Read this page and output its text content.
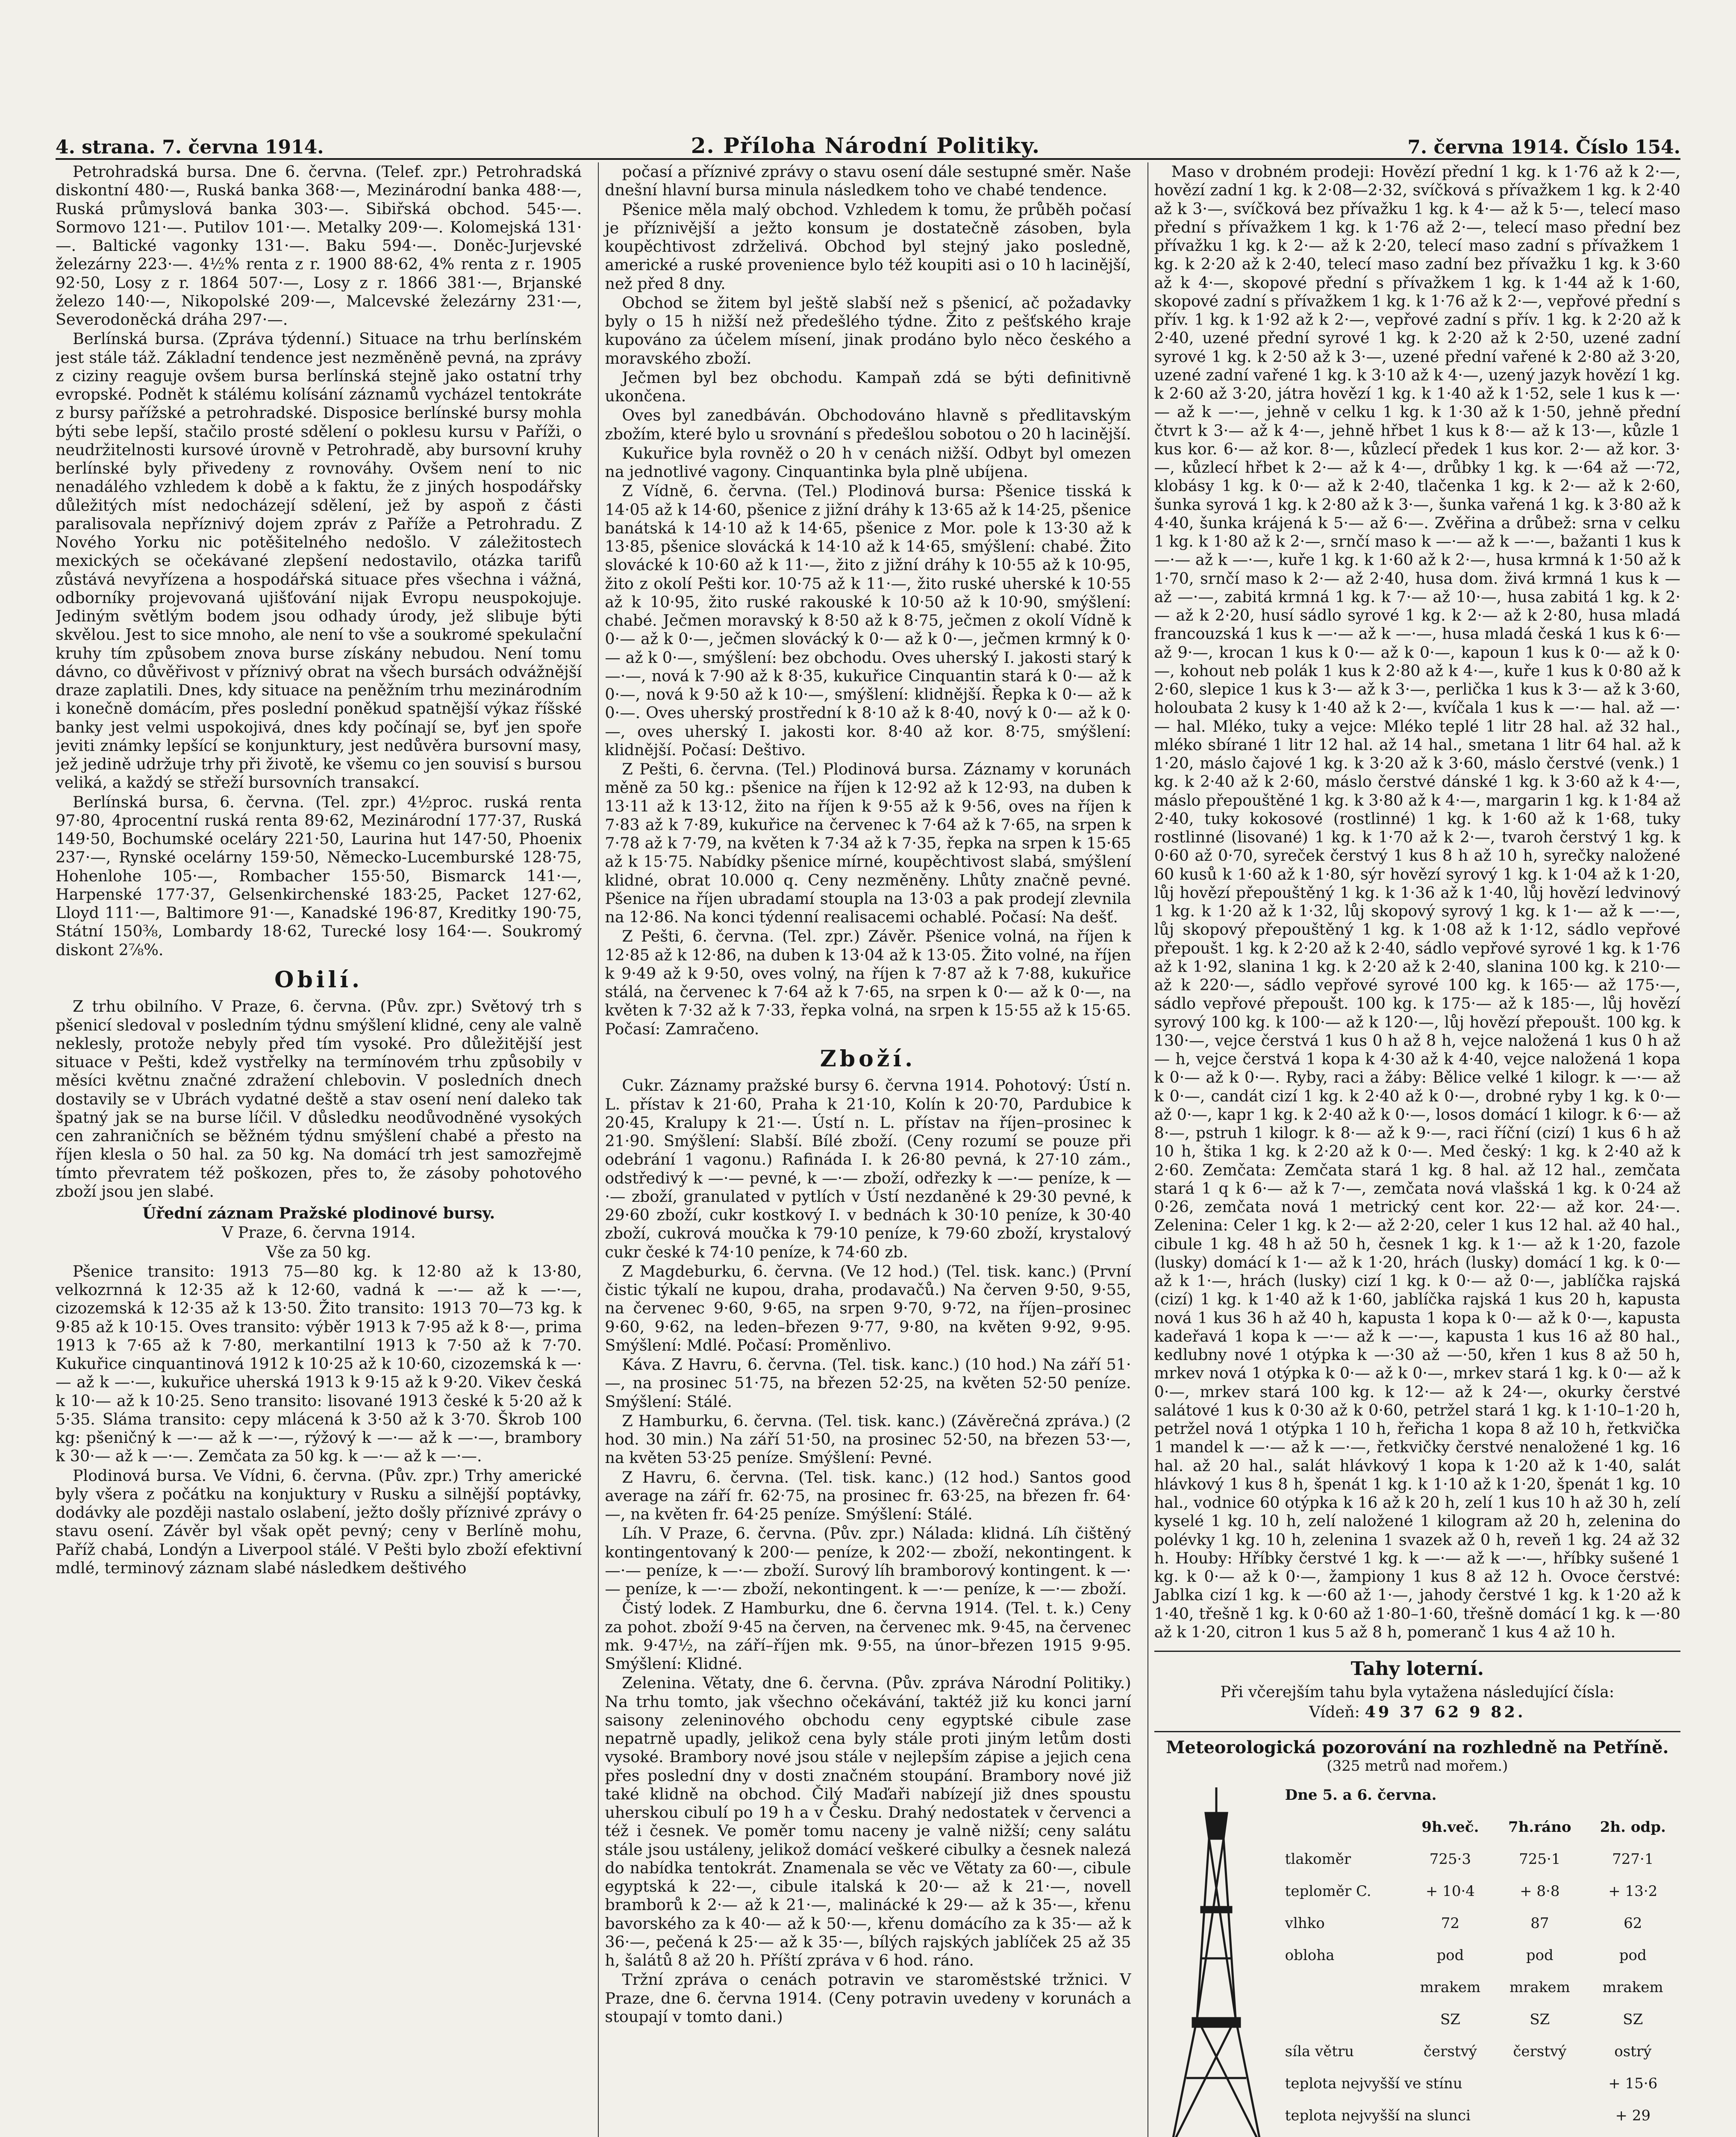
4. strana. 7. června 1914.	2. Příloha Národní Politiky.	7. června 1914. Číslo 154.

Petrohradská bursa. Dne 6. června. (Telef. zpr.) Petrohradská diskontní 480·—, Ruská banka 368·—, Mezinárodní banka 488·—, Ruská průmyslová banka 303·—. Sibiřská obchod. 545·—. Sormovo 121·—. Putilov 101·—. Metalky 209·—. Kolomejská 131·—. Baltické vagonky 131·—. Baku 594·—. Doněc-Jurjevské železárny 223·—. 4½% renta z r. 1900 88·62, 4% renta z r. 1905 92·50, Losy z r. 1864 507·—, Losy z r. 1866 381·—, Brjanské železo 140·—, Nikopolské 209·—, Malcevské železárny 231·—, Severodoněcká dráha 297·—.

Berlínská bursa. (Zpráva týdenní.) Situace na trhu berlínském jest stále táž. Základní tendence jest nezměněně pevná, na zprávy z ciziny reaguje ovšem bursa berlínská stejně jako ostatní trhy evropské. Podnět k stálému kolísání záznamů vycházel tentokráte z bursy pařížské a petrohradské. Disposice berlínské bursy mohla býti sebe lepší, stačilo prosté sdělení o poklesu kursu v Paříži, o neudržitelnosti kursové úrovně v Petrohradě, aby bursovní kruhy berlínské byly přivedeny z rovnováhy. Ovšem není to nic nenadálého vzhledem k době a k faktu, že z jiných hospodářsky důležitých míst nedocházejí sdělení, jež by aspoň z části paralisovala nepříznivý dojem zpráv z Paříže a Petrohradu. Z Nového Yorku nic potěšitelného nedošlo. V záležitostech mexických se očekávané zlepšení nedostavilo, otázka tarifů zůstává nevyřízena a hospodářská situace přes všechna i vážná, odborníky projevovaná ujišťování nijak Evropu neuspokojuje. Jediným světlým bodem jsou odhady úrody, jež slibuje býti skvělou. Jest to sice mnoho, ale není to vše a soukromé spekulační kruhy tím způsobem znova burse získány nebudou. Není tomu dávno, co důvěřivost v příznivý obrat na všech bursách odvážnější draze zaplatili. Dnes, kdy situace na peněžním trhu mezinárodním i konečně domácím, přes poslední poněkud spatnější výkaz říšské banky jest velmi uspokojivá, dnes kdy počínají se, byť jen spoře jeviti známky lepšící se konjunktury, jest nedůvěra bursovní masy, jež jedině udržuje trhy při životě, ke všemu co jen souvisí s bursou veliká, a každý se střeží bursovních transakcí.

Berlínská bursa, 6. června. (Tel. zpr.) 4½proc. ruská renta 97·80, 4procentní ruská renta 89·62, Mezinárodní 177·37, Ruská 149·50, Bochumské oceláry 221·50, Laurina hut 147·50, Phoenix 237·—, Rynské ocelárny 159·50, Německo-Lucemburské 128·75, Hohenlohe 105·—, Rombacher 155·50, Bismarck 141·—, Harpenské 177·37, Gelsenkirchenské 183·25, Packet 127·62, Lloyd 111·—, Baltimore 91·—, Kanadské 196·87, Kreditky 190·75, Státní 150⅜, Lombardy 18·62, Turecké losy 164·—. Soukromý diskont 2⅞%.

Obilí.

Z trhu obilního. V Praze, 6. června. (Pův. zpr.) Světový trh s pšenicí sledoval v posledním týdnu smýšlení klidné, ceny ale valně neklesly, protože nebyly před tím vysoké. Pro důležitější jest situace v Pešti, kdež vystřelky na termínovém trhu způsobily v měsíci květnu značné zdražení chlebovin. V posledních dnech dostavily se v Ubrách vydatné deště a stav osení není daleko tak špatný jak se na burse líčil. V důsledku neodůvodněné vysokých cen zahraničních se běžném týdnu smýšlení chabé a přesto na říjen klesla o 50 hal. za 50 kg. Na domácí trh jest samozřejmě tímto převratem též poškozen, přes to, že zásoby pohotového zboží jsou jen slabé.

Úřední záznam Pražské plodinové bursy.
V Praze, 6. června 1914.
Vše za 50 kg.

Pšenice transito: 1913 75—80 kg. k 12·80 až k 13·80, velkozrnná k 12·35 až k 12·60, vadná k —·— až k —·—, cizozemská k 12·35 až k 13·50. Žito transito: 1913 70—73 kg. k 9·85 až k 10·15. Oves transito: výběr 1913 k 7·95 až k 8·—, prima 1913 k 7·65 až k 7·80, merkantilní 1913 k 7·50 až k 7·70. Kukuřice cinquantinová 1912 k 10·25 až k 10·60, cizozemská k —·— až k —·—, kukuřice uherská 1913 k 9·15 až k 9·20. Vikev česká k 10·— až k 10·25. Seno transito: lisované 1913 české k 5·20 až k 5·35. Sláma transito: cepy mlácená k 3·50 až k 3·70. Škrob 100 kg: pšeničný k —·— až k —·—, rýžový k —·— až k —·—, brambory k 30·— až k —·—. Zemčata za 50 kg. k —·— až k —·—.

Plodinová bursa. Ve Vídni, 6. června. (Pův. zpr.) Trhy americké byly všera z počátku na konjuktury v Rusku a silnější poptávky, dodávky ale později nastalo oslabení, ježto došly příznivé zprávy o stavu osení. Závěr byl však opět pevný; ceny v Berlíně mohu, Paříž chabá, Londýn a Liverpool stálé. V Pešti bylo zboží efektivní mdlé, terminový záznam slabé následkem deštivého

počasí a příznivé zprávy o stavu osení dále sestupné směr. Naše dnešní hlavní bursa minula následkem toho ve chabé tendence.

Pšenice měla malý obchod. Vzhledem k tomu, že průběh počasí je příznivější a ježto konsum je dostatečně zásoben, byla koupěchtivost zdrželivá. Obchod byl stejný jako posledně, americké a ruské provenience bylo též koupiti asi o 10 h lacinější, než před 8 dny.

Obchod se žitem byl ještě slabší než s pšenicí, ač požadavky byly o 15 h nižší než předešlého týdne. Žito z pešťského kraje kupováno za účelem mísení, jinak prodáno bylo něco českého a moravského zboží.

Ječmen byl bez obchodu. Kampaň zdá se býti definitivně ukončena.

Oves byl zanedbáván. Obchodováno hlavně s předlitavským zbožím, které bylo u srovnání s předešlou sobotou o 20 h lacinější.

Kukuřice byla rovněž o 20 h v cenách nižší. Odbyt byl omezen na jednotlivé vagony. Cinquantinka byla plně ubíjena.

Z Vídně, 6. června. (Tel.) Plodinová bursa: Pšenice tisská k 14·05 až k 14·60, pšenice z jižní dráhy k 13·65 až k 14·25, pšenice banátská k 14·10 až k 14·65, pšenice z Mor. pole k 13·30 až k 13·85, pšenice slovácká k 14·10 až k 14·65, smýšlení: chabé. Žito slovácké k 10·60 až k 11·—, žito z jižní dráhy k 10·55 až k 10·95, žito z okolí Pešti kor. 10·75 až k 11·—, žito ruské uherské k 10·55 až k 10·95, žito ruské rakouské k 10·50 až k 10·90, smýšlení: chabé. Ječmen moravský k 8·50 až k 8·75, ječmen z okolí Vídně k 0·— až k 0·—, ječmen slovácký k 0·— až k 0·—, ječmen krmný k 0·— až k 0·—, smýšlení: bez obchodu. Oves uherský I. jakosti starý k —·—, nová k 7·90 až k 8·35, kukuřice Cinquantin stará k 0·— až k 0·—, nová k 9·50 až k 10·—, smýšlení: klidnější. Řepka k 0·— až k 0·—. Oves uherský prostřední k 8·10 až k 8·40, nový k 0·— až k 0·—, oves uherský I. jakosti kor. 8·40 až kor. 8·75, smýšlení: klidnější. Počasí: Deštivo.

Z Pešti, 6. června. (Tel.) Plodinová bursa. Záznamy v korunách měně za 50 kg.: pšenice na říjen k 12·92 až k 12·93, na duben k 13·11 až k 13·12, žito na říjen k 9·55 až k 9·56, oves na říjen k 7·83 až k 7·89, kukuřice na červenec k 7·64 až k 7·65, na srpen k 7·78 až k 7·79, na květen k 7·34 až k 7·35, řepka na srpen k 15·65 až k 15·75. Nabídky pšenice mírné, koupěchtivost slabá, smýšlení klidné, obrat 10.000 q. Ceny nezměněny. Lhůty značně pevné. Pšenice na říjen ubradamí stoupla na 13·03 a pak prodejí zlevnila na 12·86. Na konci týdenní realisacemi ochablé. Počasí: Na dešť.

Z Pešti, 6. června. (Tel. zpr.) Závěr. Pšenice volná, na říjen k 12·85 až k 12·86, na duben k 13·04 až k 13·05. Žito volné, na říjen k 9·49 až k 9·50, oves volný, na říjen k 7·87 až k 7·88, kukuřice stálá, na červenec k 7·64 až k 7·65, na srpen k 0·— až k 0·—, na květen k 7·32 až k 7·33, řepka volná, na srpen k 15·55 až k 15·65. Počasí: Zamračeno.

Zboží.

Cukr. Záznamy pražské bursy 6. června 1914. Pohotový: Ústí n. L. přístav k 21·60, Praha k 21·10, Kolín k 20·70, Pardubice k 20·45, Kralupy k 21·—. Ústí n. L. přístav na říjen–prosinec k 21·90. Smýšlení: Slabší. Bílé zboží. (Ceny rozumí se pouze při odebrání 1 vagonu.) Rafináda I. k 26·80 pevná, k 27·10 zám., odstředivý k —·— pevné, k —·— zboží, odřezky k —·— peníze, k —·— zboží, granulated v pytlích v Ústí nezdaněné k 29·30 pevné, k 29·60 zboží, cukr kostkový I. v bednách k 30·10 peníze, k 30·40 zboží, cukrová moučka k 79·10 peníze, k 79·60 zboží, krystalový cukr české k 74·10 peníze, k 74·60 zb.

Z Magdeburku, 6. června. (Ve 12 hod.) (Tel. tisk. kanc.) (První čistic týkalí ne kupou, draha, prodavačů.) Na červen 9·50, 9·55, na červenec 9·60, 9·65, na srpen 9·70, 9·72, na říjen–prosinec 9·60, 9·62, na leden–březen 9·77, 9·80, na květen 9·92, 9·95. Smýšlení: Mdlé. Počasí: Proměnlivo.

Káva. Z Havru, 6. června. (Tel. tisk. kanc.) (10 hod.) Na září 51·—, na prosinec 51·75, na březen 52·25, na květen 52·50 peníze. Smýšlení: Stálé.

Z Hamburku, 6. června. (Tel. tisk. kanc.) (Závěrečná zpráva.) (2 hod. 30 min.) Na září 51·50, na prosinec 52·50, na březen 53·—, na květen 53·25 peníze. Smýšlení: Pevné.

Z Havru, 6. června. (Tel. tisk. kanc.) (12 hod.) Santos good average na září fr. 62·75, na prosinec fr. 63·25, na březen fr. 64·—, na květen fr. 64·25 peníze. Smýšlení: Stálé.

Líh. V Praze, 6. června. (Pův. zpr.) Nálada: klidná. Líh čištěný kontingentovaný k 200·— peníze, k 202·— zboží, nekontingent. k —·— peníze, k —·— zboží. Surový líh bramborový kontingent. k —·— peníze, k —·— zboží, nekontingent. k —·— peníze, k —·— zboží.

Čistý lodek. Z Hamburku, dne 6. června 1914. (Tel. t. k.) Ceny za pohot. zboží 9·45 na červen, na červenec mk. 9·45, na červenec mk. 9·47½, na září–říjen mk. 9·55, na únor–březen 1915 9·95. Smýšlení: Klidné.

Zelenina. Větaty, dne 6. června. (Pův. zpráva Národní Politiky.) Na trhu tomto, jak všechno očekávání, taktéž již ku konci jarní saisony zeleninového obchodu ceny egyptské cibule zase nepatrně upadly, jelikož cena byly stále proti jiným letům dosti vysoké. Brambory nové jsou stále v nejlepším zápise a jejich cena přes poslední dny v dosti značném stoupání. Brambory nové již také klidně na obchod. Čilý Maďaři nabízejí již dnes spoustu uherskou cibulí po 19 h a v Česku. Drahý nedostatek v červenci a též i česnek. Ve poměr tomu naceny je valně nižší; ceny salátu stále jsou ustáleny, jelikož domácí veškeré cibulky a česnek nalezá do nabídka tentokrát. Znamenala se věc ve Větaty za 60·—, cibule egyptská k 22·—, cibule italská k 20·— až k 21·—, novell bramborů k 2·— až k 21·—, malinácké k 29·— až k 35·—, křenu bavorského za k 40·— až k 50·—, křenu domácího za k 35·— až k 36·—, pečená k 25·— až k 35·—, bílých rajských jablíček 25 až 35 h, šalátů 8 až 20 h. Příští zpráva v 6 hod. ráno.

Tržní zpráva o cenách potravin ve staroměstské tržnici. V Praze, dne 6. června 1914. (Ceny potravin uvedeny v korunách a stoupají v tomto dani.)

Maso v drobném prodeji: Hovězí přední 1 kg. k 1·76 až k 2·—, hovězí zadní 1 kg. k 2·08—2·32, svíčková s přívažkem 1 kg. k 2·40 až k 3·—, svíčková bez přívažku 1 kg. k 4·— až k 5·—, telecí maso přední s přívažkem 1 kg. k 1·76 až 2·—, telecí maso přední bez přívažku 1 kg. k 2·— až k 2·20, telecí maso zadní s přívažkem 1 kg. k 2·20 až k 2·40, telecí maso zadní bez přívažku 1 kg. k 3·60 až k 4·—, skopové přední s přívažkem 1 kg. k 1·44 až k 1·60, skopové zadní s přívažkem 1 kg. k 1·76 až k 2·—, vepřové přední s přív. 1 kg. k 1·92 až k 2·—, vepřové zadní s přív. 1 kg. k 2·20 až k 2·40, uzené přední syrové 1 kg. k 2·20 až k 2·50, uzené zadní syrové 1 kg. k 2·50 až k 3·—, uzené přední vařené k 2·80 až 3·20, uzené zadní vařené 1 kg. k 3·10 až k 4·—, uzený jazyk hovězí 1 kg. k 2·60 až 3·20, játra hovězí 1 kg. k 1·40 až k 1·52, sele 1 kus k —·— až k —·—, jehně v celku 1 kg. k 1·30 až k 1·50, jehně přední čtvrt k 3·— až k 4·—, jehně hřbet 1 kus k 8·— až k 13·—, kůzle 1 kus kor. 6·— až kor. 8·—, kůzlecí předek 1 kus kor. 2·— až kor. 3·—, kůzlecí hřbet k 2·— až k 4·—, drůbky 1 kg. k —·64 až —·72, klobásy 1 kg. k 0·— až k 2·40, tlačenka 1 kg. k 2·— až k 2·60, šunka syrová 1 kg. k 2·80 až k 3·—, šunka vařená 1 kg. k 3·80 až k 4·40, šunka krájená k 5·— až 6·—. Zvěřina a drůbež: srna v celku 1 kg. k 1·80 až k 2·—, srnčí maso k —·— až k —·—, bažanti 1 kus k —·— až k —·—, kuře 1 kg. k 1·60 až k 2·—, husa krmná k 1·50 až k 1·70, srnčí maso k 2·— až 2·40, husa dom. živá krmná 1 kus k — až —·—, zabitá krmná 1 kg. k 7·— až 10·—, husa zabitá 1 kg. k 2·— až k 2·20, husí sádlo syrové 1 kg. k 2·— až k 2·80, husa mladá francouzská 1 kus k —·— až k —·—, husa mladá česká 1 kus k 6·— až 9·—, krocan 1 kus k 0·— až k 0·—, kapoun 1 kus k 0·— až k 0·—, kohout neb polák 1 kus k 2·80 až k 4·—, kuře 1 kus k 0·80 až k 2·60, slepice 1 kus k 3·— až k 3·—, perlička 1 kus k 3·— až k 3·60, holoubata 2 kusy k 1·40 až k 2·—, kvíčala 1 kus k —·— hal. až —·— hal. Mléko, tuky a vejce: Mléko teplé 1 litr 28 hal. až 32 hal., mléko sbírané 1 litr 12 hal. až 14 hal., smetana 1 litr 64 hal. až k 1·20, máslo čajové 1 kg. k 3·20 až k 3·60, máslo čerstvé (venk.) 1 kg. k 2·40 až k 2·60, máslo čerstvé dánské 1 kg. k 3·60 až k 4·—, máslo přepouštěné 1 kg. k 3·80 až k 4·—, margarin 1 kg. k 1·84 až 2·40, tuky kokosové (rostlinné) 1 kg. k 1·60 až k 1·68, tuky rostlinné (lisované) 1 kg. k 1·70 až k 2·—, tvaroh čerstvý 1 kg. k 0·60 až 0·70, syreček čerstvý 1 kus 8 h až 10 h, syrečky naložené 60 kusů k 1·60 až k 1·80, sýr hovězí syrový 1 kg. k 1·04 až k 1·20, lůj hovězí přepouštěný 1 kg. k 1·36 až k 1·40, lůj hovězí ledvinový 1 kg. k 1·20 až k 1·32, lůj skopový syrový 1 kg. k 1·— až k —·—, lůj skopový přepouštěný 1 kg. k 1·08 až k 1·12, sádlo vepřové přepoušt. 1 kg. k 2·20 až k 2·40, sádlo vepřové syrové 1 kg. k 1·76 až k 1·92, slanina 1 kg. k 2·20 až k 2·40, slanina 100 kg. k 210·— až k 220·—, sádlo vepřové syrové 100 kg. k 165·— až 175·—, sádlo vepřové přepoušt. 100 kg. k 175·— až k 185·—, lůj hovězí syrový 100 kg. k 100·— až k 120·—, lůj hovězí přepoušt. 100 kg. k 130·—, vejce čerstvá 1 kus 0 h až 8 h, vejce naložená 1 kus 0 h až — h, vejce čerstvá 1 kopa k 4·30 až k 4·40, vejce naložená 1 kopa k 0·— až k 0·—. Ryby, raci a žáby: Bělice velké 1 kilogr. k —·— až k 0·—, candát cizí 1 kg. k 2·40 až k 0·—, drobné ryby 1 kg. k 0·— až 0·—, kapr 1 kg. k 2·40 až k 0·—, losos domácí 1 kilogr. k 6·— až 8·—, pstruh 1 kilogr. k 8·— až k 9·—, raci říční (cizí) 1 kus 6 h až 10 h, štika 1 kg. k 2·20 až k 0·—. Med český: 1 kg. k 2·40 až k 2·60. Zemčata: Zemčata stará 1 kg. 8 hal. až 12 hal., zemčata stará 1 q k 6·— až k 7·—, zemčata nová vlašská 1 kg. k 0·24 až 0·26, zemčata nová 1 metrický cent kor. 22·— až kor. 24·—. Zelenina: Celer 1 kg. k 2·— až 2·20, celer 1 kus 12 hal. až 40 hal., cibule 1 kg. 48 h až 50 h, česnek 1 kg. k 1·— až k 1·20, fazole (lusky) domácí k 1·— až k 1·20, hrách (lusky) domácí 1 kg. k 0·— až k 1·—, hrách (lusky) cizí 1 kg. k 0·— až 0·—, jablíčka rajská (cizí) 1 kg. k 1·40 až k 1·60, jablíčka rajská 1 kus 20 h, kapusta nová 1 kus 36 h až 40 h, kapusta 1 kopa k 0·— až k 0·—, kapusta kadeřavá 1 kopa k —·— až k —·—, kapusta 1 kus 16 až 80 hal., kedlubny nové 1 otýpka k —·30 až —·50, křen 1 kus 8 až 50 h, mrkev nová 1 otýpka k 0·— až k 0·—, mrkev stará 1 kg. k 0·— až k 0·—, mrkev stará 100 kg. k 12·— až k 24·—, okurky čerstvé salátové 1 kus k 0·30 až k 0·60, petržel stará 1 kg. k 1·10–1·20 h, petržel nová 1 otýpka 1 10 h, řeřicha 1 kopa 8 až 10 h, řetkvička 1 mandel k —·— až k —·—, řetkvičky čerstvé nenaložené 1 kg. 16 hal. až 20 hal., salát hlávkový 1 kopa k 1·20 až k 1·40, salát hlávkový 1 kus 8 h, špenát 1 kg. k 1·10 až k 1·20, špenát 1 kg. 10 hal., vodnice 60 otýpka k 16 až k 20 h, zelí 1 kus 10 h až 30 h, zelí kyselé 1 kg. 10 h, zelí naložené 1 kilogram až 20 h, zelenina do polévky 1 kg. 10 h, zelenina 1 svazek až 0 h, reveň 1 kg. 24 až 32 h. Houby: Hříbky čerstvé 1 kg. k —·— až k —·—, hříbky sušené 1 kg. k 0·— až k 0·—, žampiony 1 kus 8 až 12 h. Ovoce čerstvé: Jablka cizí 1 kg. k —·60 až 1·—, jahody čerstvé 1 kg. k 1·20 až k 1·40, třešně 1 kg. k 0·60 až 1·80–1·60, třešně domácí 1 kg. k —·80 až k 1·20, citron 1 kus 5 až 8 h, pomeranč 1 kus 4 až 10 h.

Tahy loterní.
Při včerejším tahu byla vytažena následující čísla:
Vídeň: 49 37 62 9 82.
Meteorologická pozorování na rozhledně na Petříně.
(325 metrů nad mořem.)
Dne 5. a 6. června.			
	9h.več.	7h.ráno	2h. odp.
tlakoměr	725·3	725·1	727·1
teploměr C.	+ 10·4	+ 8·8	+ 13·2
vlhko	72	87	62
obloha	pod	pod	pod
	mrakem	mrakem	mrakem
	SZ	SZ	SZ
síla větru	čerstvý	čerstvý	ostrý
teplota nejvyšší ve stínu			+ 15·6
teplota nejvyšší na slunci			+ 29
